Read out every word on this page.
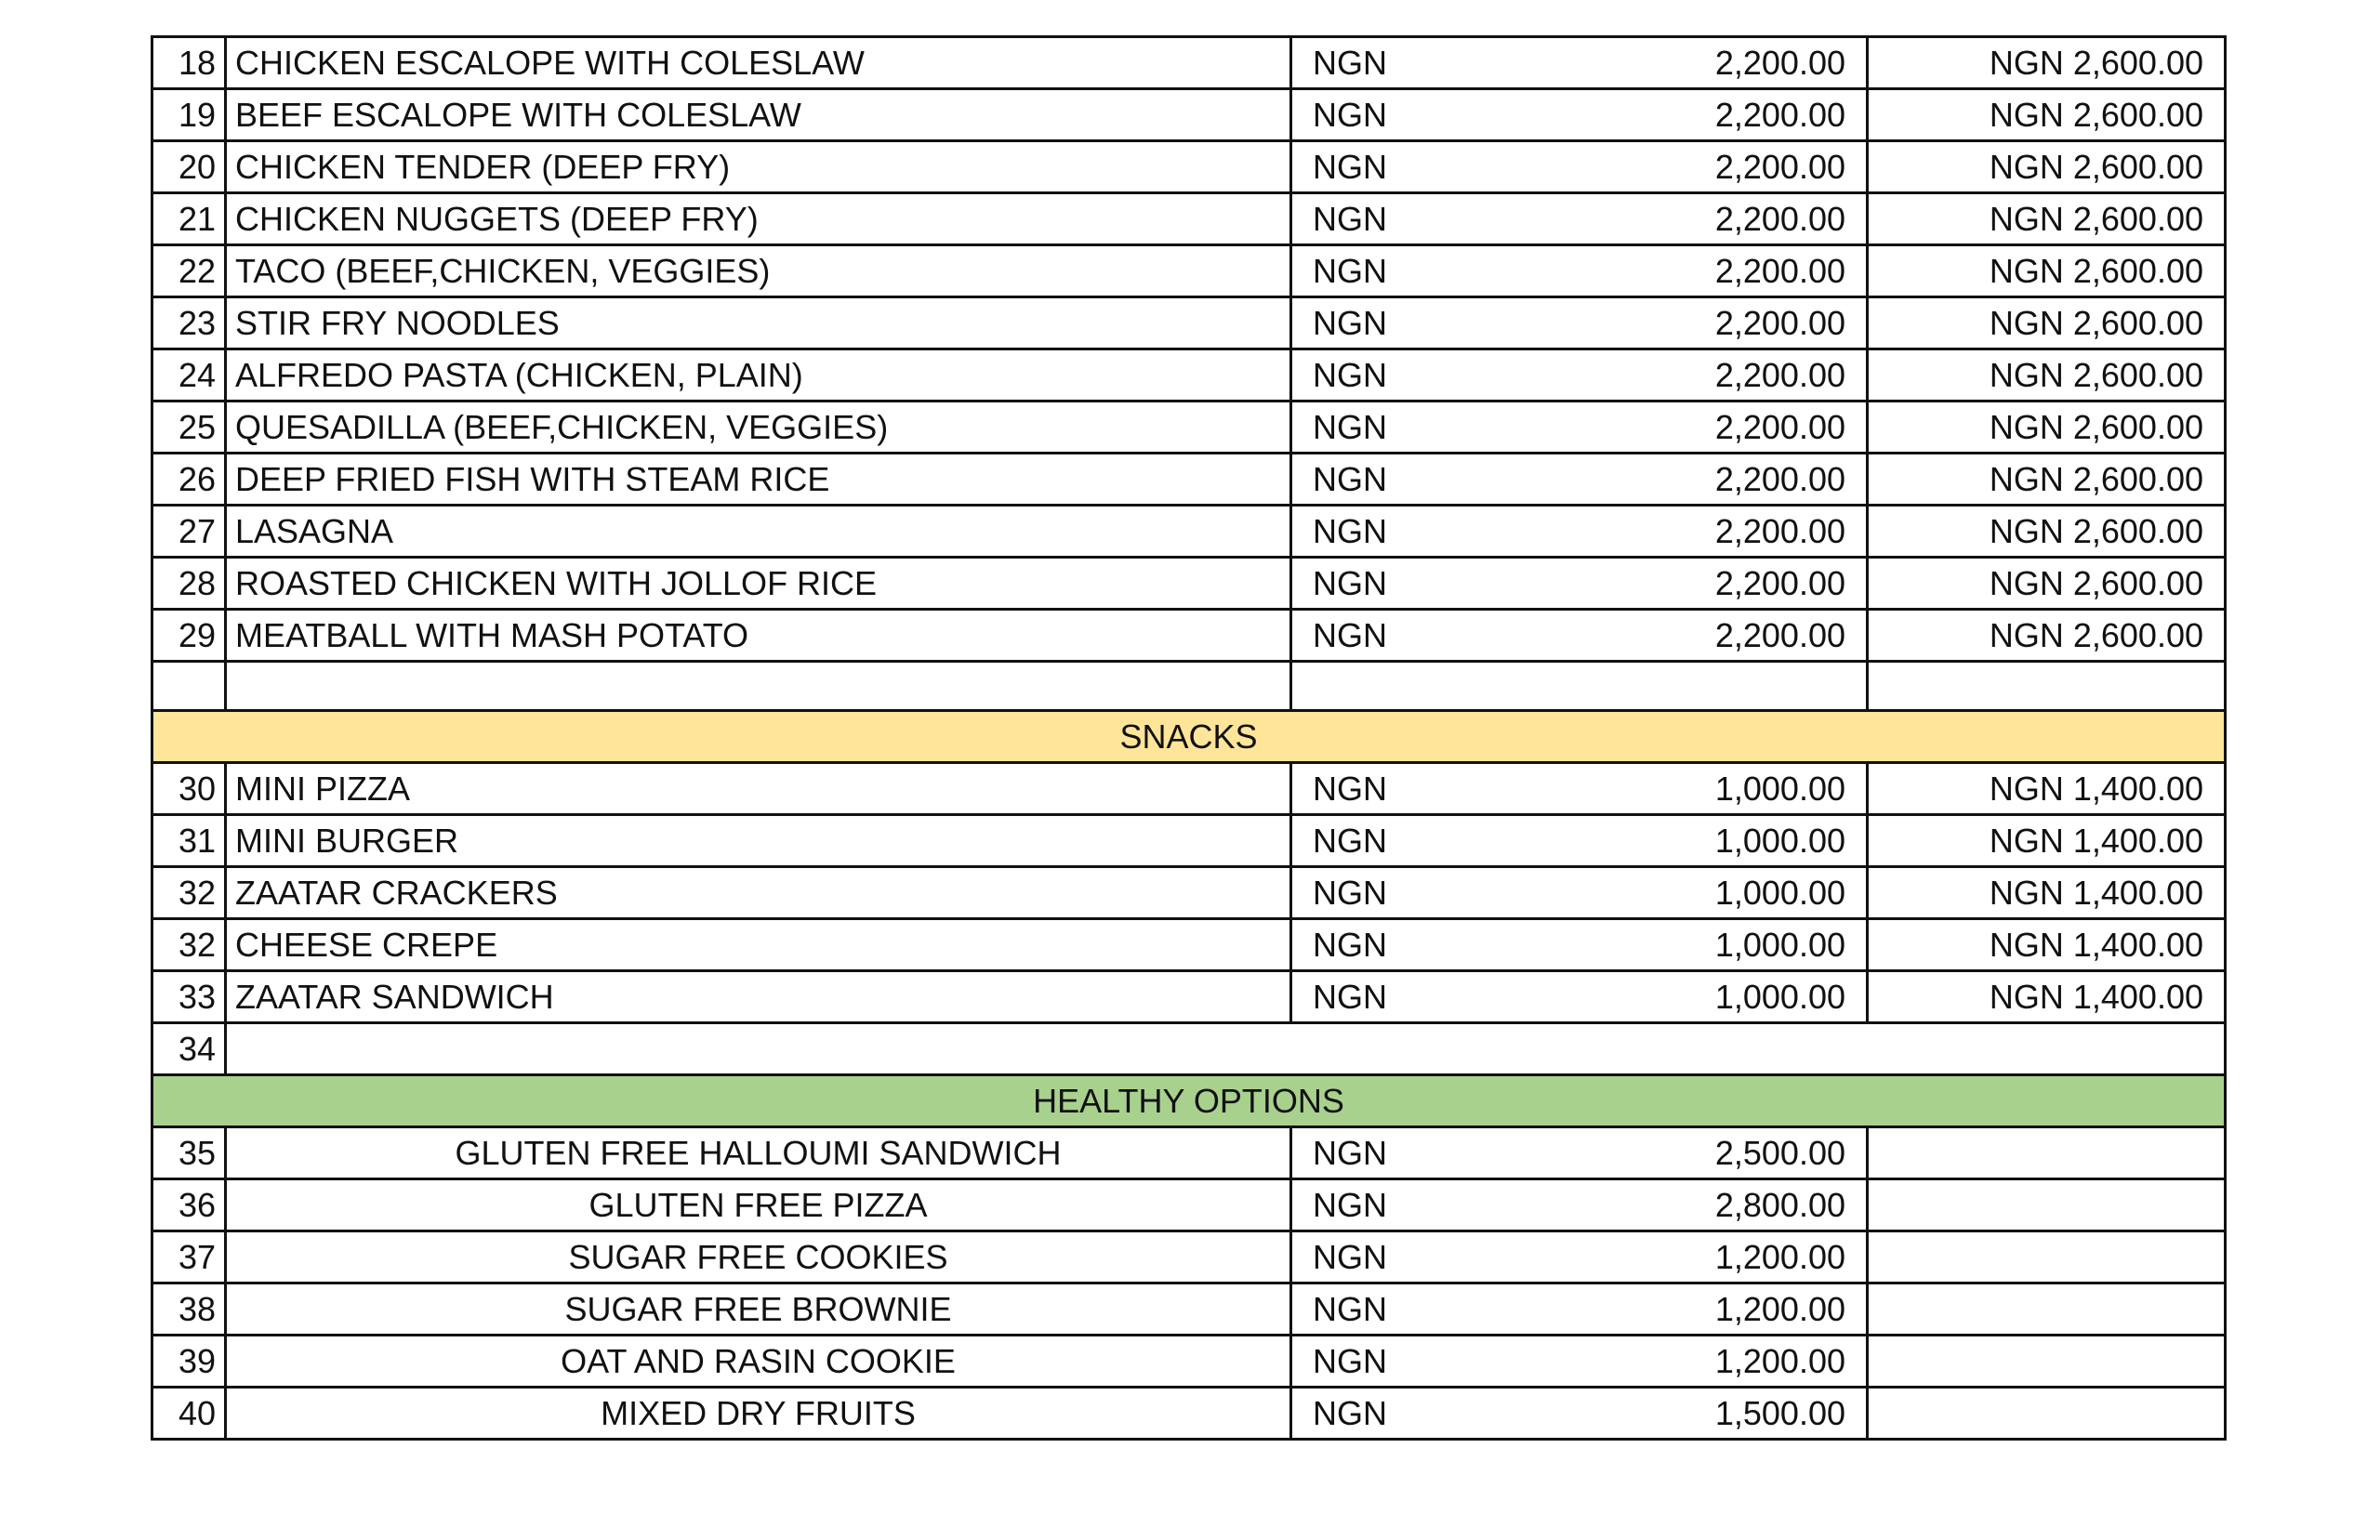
18	CHICKEN ESCALOPE WITH COLESLAW	NGN 2,200.00	NGN 2,600.00
19	BEEF ESCALOPE WITH COLESLAW	NGN 2,200.00	NGN 2,600.00
20	CHICKEN TENDER (DEEP FRY)	NGN 2,200.00	NGN 2,600.00
21	CHICKEN NUGGETS (DEEP FRY)	NGN 2,200.00	NGN 2,600.00
22	TACO (BEEF,CHICKEN, VEGGIES)	NGN 2,200.00	NGN 2,600.00
23	STIR FRY NOODLES	NGN 2,200.00	NGN 2,600.00
24	ALFREDO PASTA (CHICKEN, PLAIN)	NGN 2,200.00	NGN 2,600.00
25	QUESADILLA (BEEF,CHICKEN, VEGGIES)	NGN 2,200.00	NGN 2,600.00
26	DEEP FRIED FISH WITH STEAM RICE	NGN 2,200.00	NGN 2,600.00
27	LASAGNA	NGN 2,200.00	NGN 2,600.00
28	ROASTED CHICKEN WITH JOLLOF RICE	NGN 2,200.00	NGN 2,600.00
29	MEATBALL WITH MASH POTATO	NGN 2,200.00	NGN 2,600.00

SNACKS			
30	MINI PIZZA	NGN 1,000.00	NGN 1,400.00
31	MINI BURGER	NGN 1,000.00	NGN 1,400.00
32	ZAATAR CRACKERS	NGN 1,000.00	NGN 1,400.00
32	CHEESE CREPE	NGN 1,000.00	NGN 1,400.00
33	ZAATAR SANDWICH	NGN 1,000.00	NGN 1,400.00
34			
HEALTHY OPTIONS			
35	GLUTEN FREE HALLOUMI SANDWICH	NGN 2,500.00	

36	GLUTEN FREE PIZZA	NGN 2,800.00	

37	SUGAR FREE COOKIES	NGN 1,200.00	

38	SUGAR FREE BROWNIE	NGN 1,200.00	

39	OAT AND RASIN COOKIE	NGN 1,200.00	

40	MIXED DRY FRUITS	NGN 1,500.00	
